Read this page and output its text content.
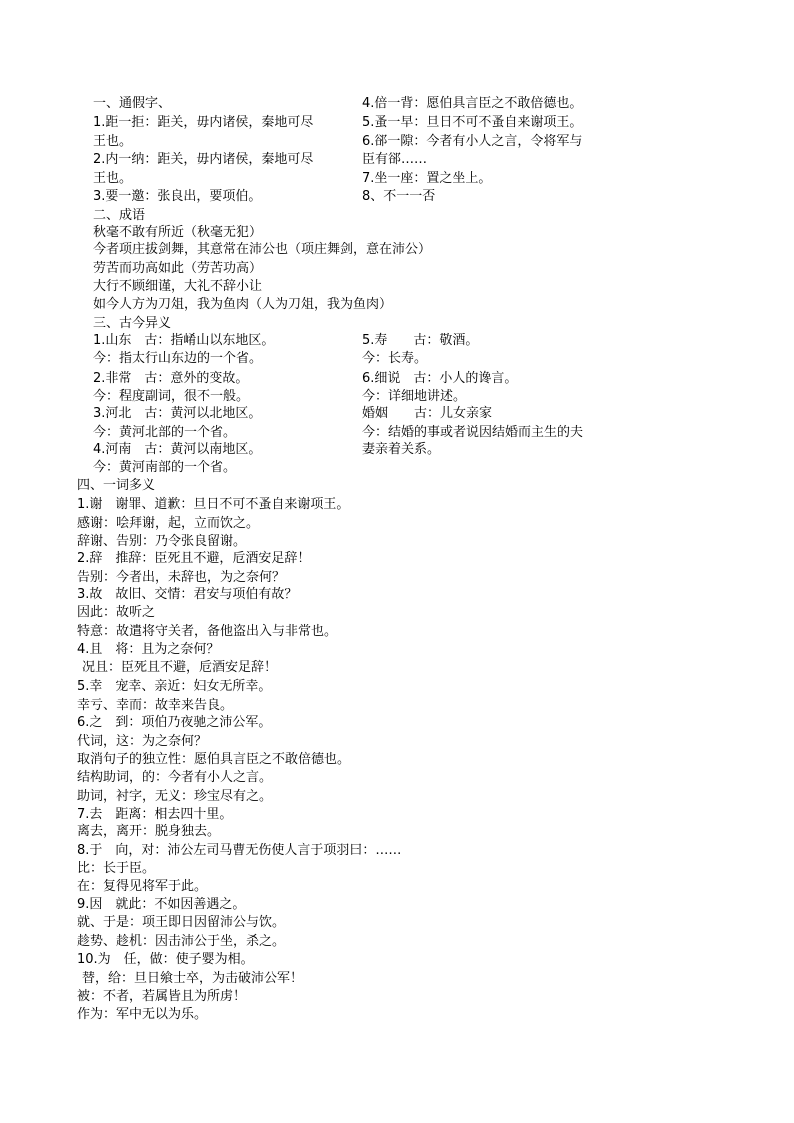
一、通假字、
1.距一拒：距关，毋内诸侯，秦地可尽
王也。
2.内一纳：距关，毋内诸侯，秦地可尽
王也。
3.要一邀：张良出，要项伯。
二、成语
秋毫不敢有所近（秋毫无犯）
今者项庄拔剑舞，其意常在沛公也（项庄舞剑，意在沛公）
劳苦而功高如此（劳苦功高）
大行不顾细谨，大礼不辞小让
如今人方为刀俎，我为鱼肉（人为刀俎，我为鱼肉）
三、古今异义
1.山东　古：指崤山以东地区。
今：指太行山东边的一个省。
2.非常　古：意外的变故。
今：程度副词，很不一般。
3.河北　古：黄河以北地区。
今：黄河北部的一个省。
4.河南　古：黄河以南地区。
今：黄河南部的一个省。
4.倍一背：愿伯具言臣之不敢倍德也。
5.蚤一早：旦日不可不蚤自来谢项王。
6.郤一隙：今者有小人之言，令将军与
臣有郤……
7.坐一座：置之坐上。
8、不一一否
5.寿　　古：敬酒。
今：长寿。
6.细说　古：小人的谗言。
今：详细地讲述。
婚姻　　古：儿女亲家
今：结婚的事或者说因结婚而主生的夫
妻亲着关系。
四、一词多义
1.谢　谢罪、道歉：旦日不可不蚤自来谢项王。
感谢：哙拜谢，起，立而饮之。
辞谢、告别：乃令张良留谢。
2.辞　推辞：臣死且不避，卮酒安足辞！
告别：今者出，未辞也，为之奈何？
3.故　故旧、交情：君安与项伯有故？
因此：故听之
特意：故遣将守关者，备他盗出入与非常也。
4.且　将：且为之奈何？
况且：臣死且不避，卮酒安足辞！
5.幸　宠幸、亲近：妇女无所幸。
幸亏、幸而：故幸来告良。
6.之　到：项伯乃夜驰之沛公军。
代词，这：为之奈何？
取消句子的独立性：愿伯具言臣之不敢倍德也。
结构助词，的：今者有小人之言。
助词，衬字，无义：珍宝尽有之。
7.去　距离：相去四十里。
离去，离开：脱身独去。
8.于　向，对：沛公左司马曹无伤使人言于项羽曰：……
比：长于臣。
在：复得见将军于此。
9.因　就此：不如因善遇之。
就、于是：项王即日因留沛公与饮。
趁势、趁机：因击沛公于坐，杀之。
10.为　任，做：使子婴为相。
替，给：旦日飨士卒，为击破沛公军！
被：不者，若属皆且为所虏！
作为：军中无以为乐。
